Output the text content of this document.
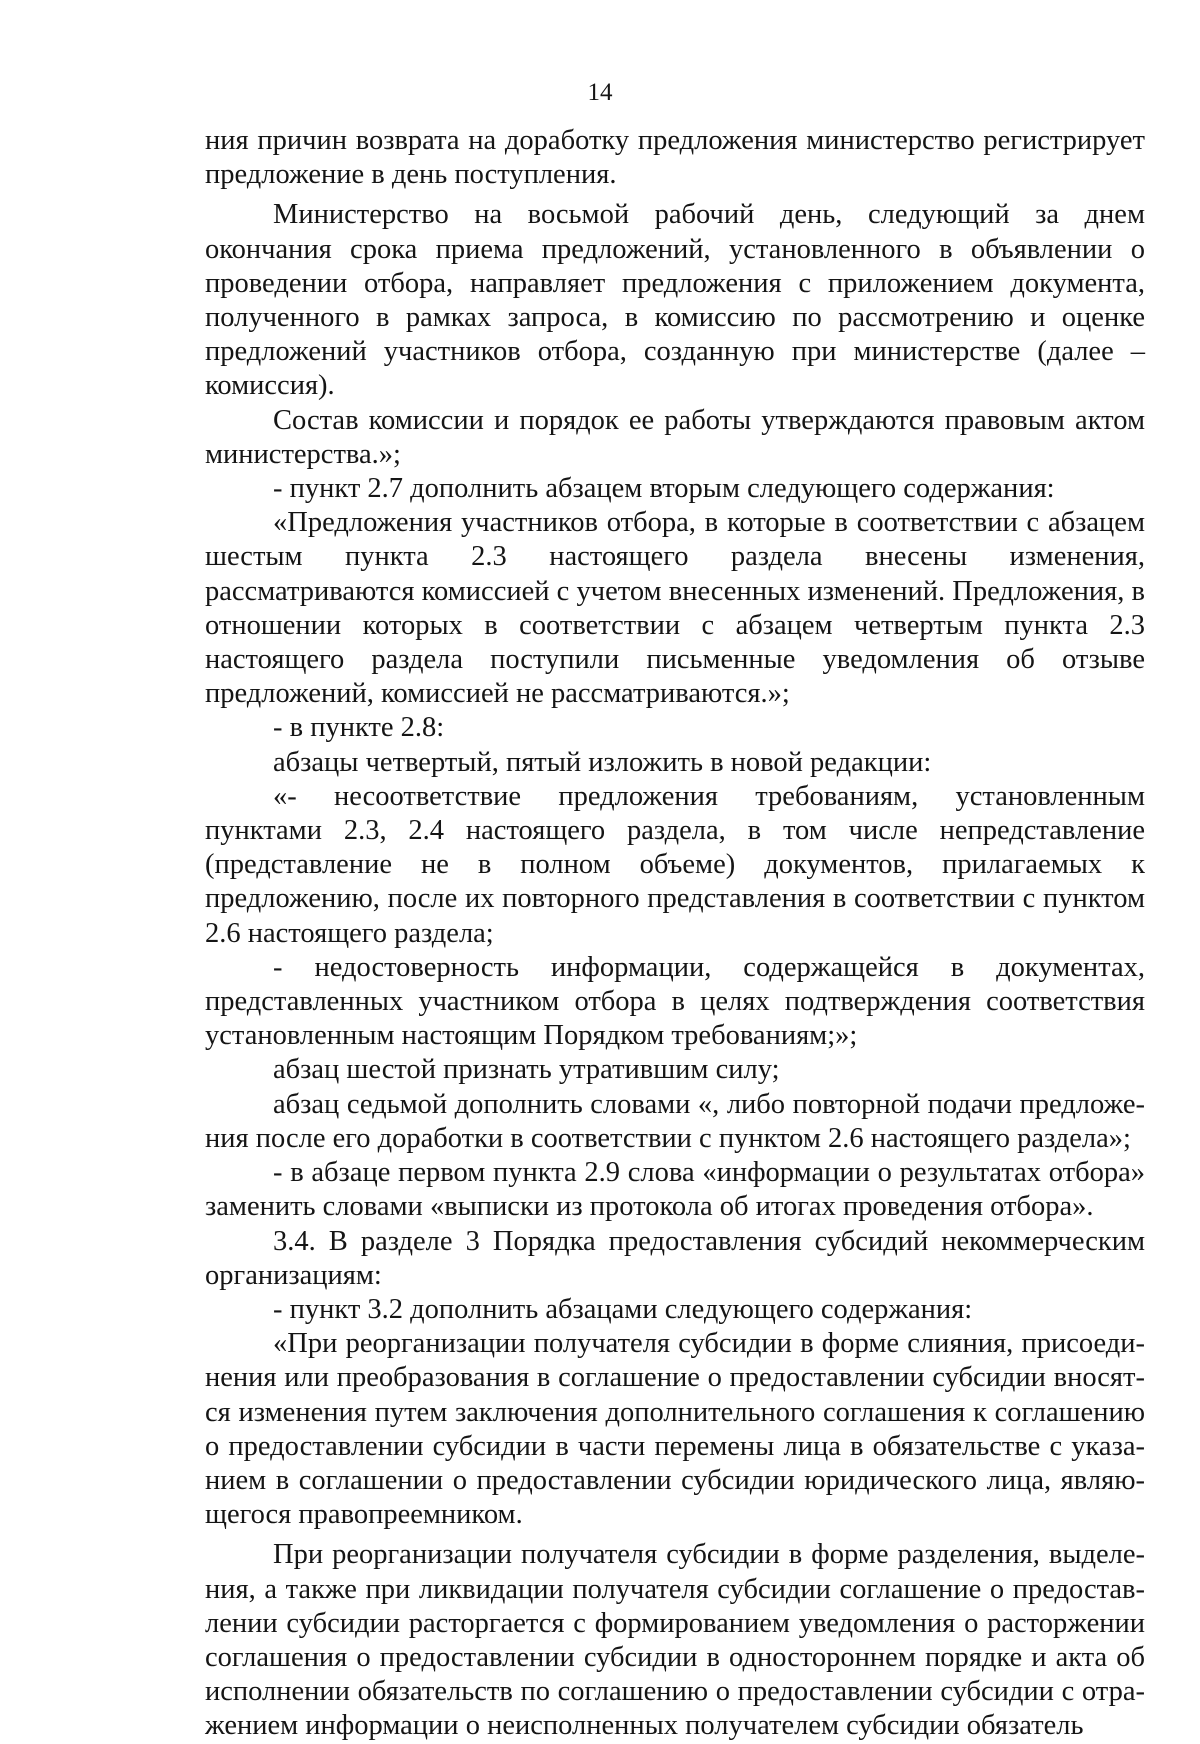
14

ния причин возврата на доработку предложения министерство регистрирует предложение в день поступления.

Министерство на восьмой рабочий день, следующий за днем окончания срока приема предложений, установленного в объявлении о проведении отбора, направляет предложения с приложением документа, полученного в рамках запроса, в комиссию по рассмотрению и оценке предложений участников отбора, созданную при министерстве (далее – комиссия).

Состав комиссии и порядок ее работы утверждаются правовым актом министерства.»;

- пункт 2.7 дополнить абзацем вторым следующего содержания:

«Предложения участников отбора, в которые в соответствии с абзацем шестым пункта 2.3 настоящего раздела внесены изменения, рассматриваются комиссией с учетом внесенных изменений. Предложения, в отношении которых в соответствии с абзацем четвертым пункта 2.3 настоящего раздела поступили письменные уведомления об отзыве предложений, комиссией не рассматриваются.»;

- в пункте 2.8:

абзацы четвертый, пятый изложить в новой редакции:

«- несоответствие предложения требованиям, установленным пунктами 2.3, 2.4 настоящего раздела, в том числе непредставление (представление не в полном объеме) документов, прилагаемых к предложению, после их повторного представления в соответствии с пунктом 2.6 настоящего раздела;

- недостоверность информации, содержащейся в документах, представленных участником отбора в целях подтверждения соответствия установленным настоящим Порядком требованиям;»;

абзац шестой признать утратившим силу;

абзац седьмой дополнить словами «, либо повторной подачи предложения после его доработки в соответствии с пунктом 2.6 настоящего раздела»;

- в абзаце первом пункта 2.9 слова «информации о результатах отбора» заменить словами «выписки из протокола об итогах проведения отбора».

3.4. В разделе 3 Порядка предоставления субсидий некоммерческим организациям:

- пункт 3.2 дополнить абзацами следующего содержания:

«При реорганизации получателя субсидии в форме слияния, присоединения или преобразования в соглашение о предоставлении субсидии вносятся изменения путем заключения дополнительного соглашения к соглашению о предоставлении субсидии в части перемены лица в обязательстве с указанием в соглашении о предоставлении субсидии юридического лица, являющегося правопреемником.

При реорганизации получателя субсидии в форме разделения, выделения, а также при ликвидации получателя субсидии соглашение о предоставлении субсидии расторгается с формированием уведомления о расторжении соглашения о предоставлении субсидии в одностороннем порядке и акта об исполнении обязательств по соглашению о предоставлении субсидии с отражением информации о неисполненных получателем субсидии обязатель
